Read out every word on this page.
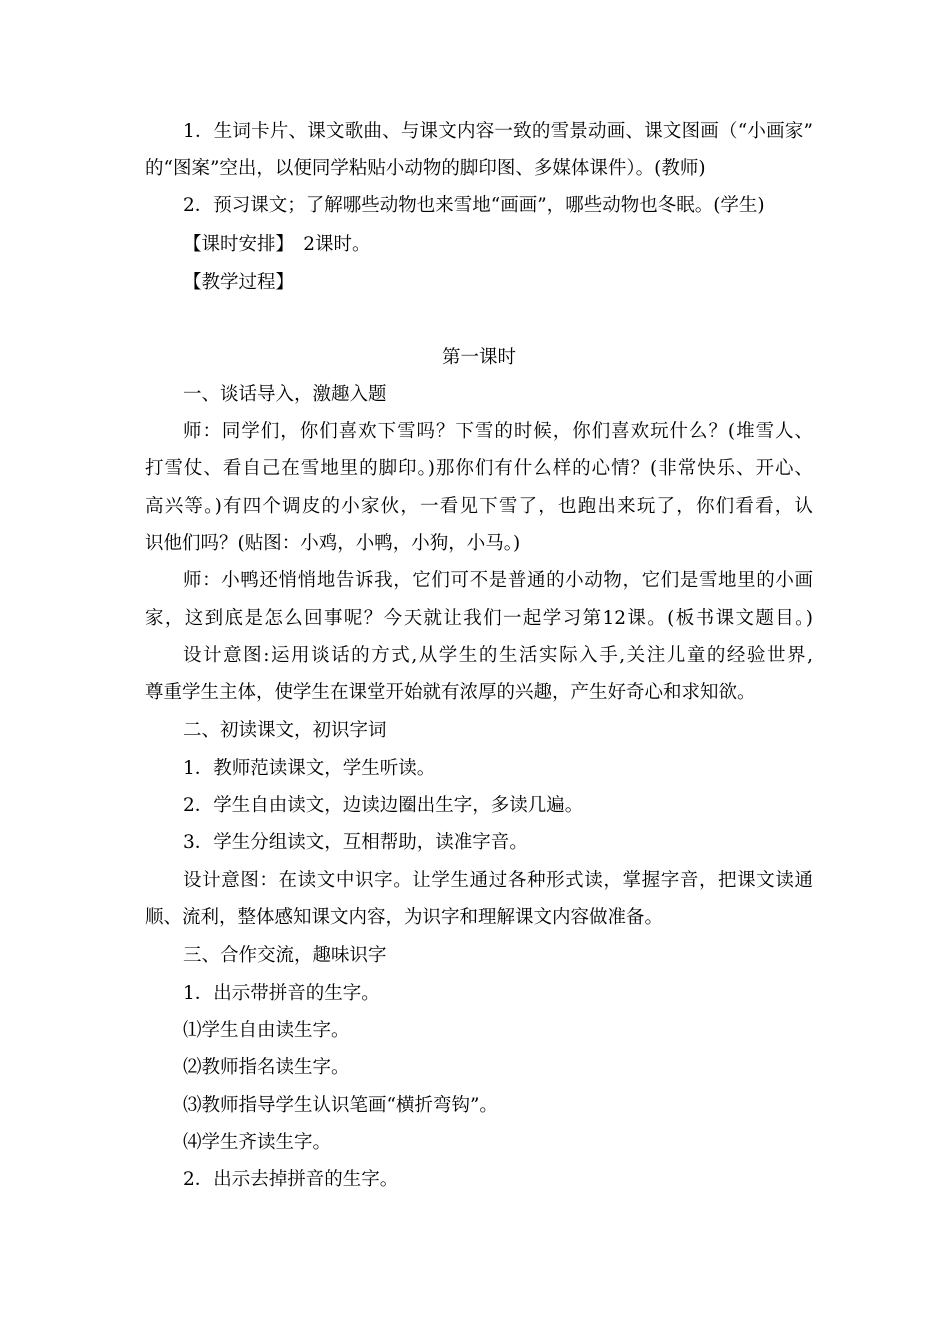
1．生词卡片、课文歌曲、与课文内容一致的雪景动画、课文图画（“小画家”
的“图案”空出，以便同学粘贴小动物的脚印图、多媒体课件）。(教师)
2．预习课文；了解哪些动物也来雪地“画画”，哪些动物也冬眠。(学生)
【课时安排】　2课时。
【教学过程】
第一课时
一、谈话导入，激趣入题
师：同学们，你们喜欢下雪吗？下雪的时候，你们喜欢玩什么？(堆雪人、
打雪仗、看自己在雪地里的脚印。)那你们有什么样的心情？(非常快乐、开心、
高兴等。)有四个调皮的小家伙，一看见下雪了，也跑出来玩了，你们看看，认
识他们吗？(贴图：小鸡，小鸭，小狗，小马。)
师：小鸭还悄悄地告诉我，它们可不是普通的小动物，它们是雪地里的小画
家，这到底是怎么回事呢？今天就让我们一起学习第12课。(板书课文题目。)
设计意图:运用谈话的方式,从学生的生活实际入手,关注儿童的经验世界,
尊重学生主体，使学生在课堂开始就有浓厚的兴趣，产生好奇心和求知欲。
二、初读课文，初识字词
1．教师范读课文，学生听读。
2．学生自由读文，边读边圈出生字，多读几遍。
3．学生分组读文，互相帮助，读准字音。
设计意图：在读文中识字。让学生通过各种形式读，掌握字音，把课文读通
顺、流利，整体感知课文内容，为识字和理解课文内容做准备。
三、合作交流，趣味识字
1．出示带拼音的生字。
⑴学生自由读生字。
⑵教师指名读生字。
⑶教师指导学生认识笔画“横折弯钩”。
⑷学生齐读生字。
2．出示去掉拼音的生字。
